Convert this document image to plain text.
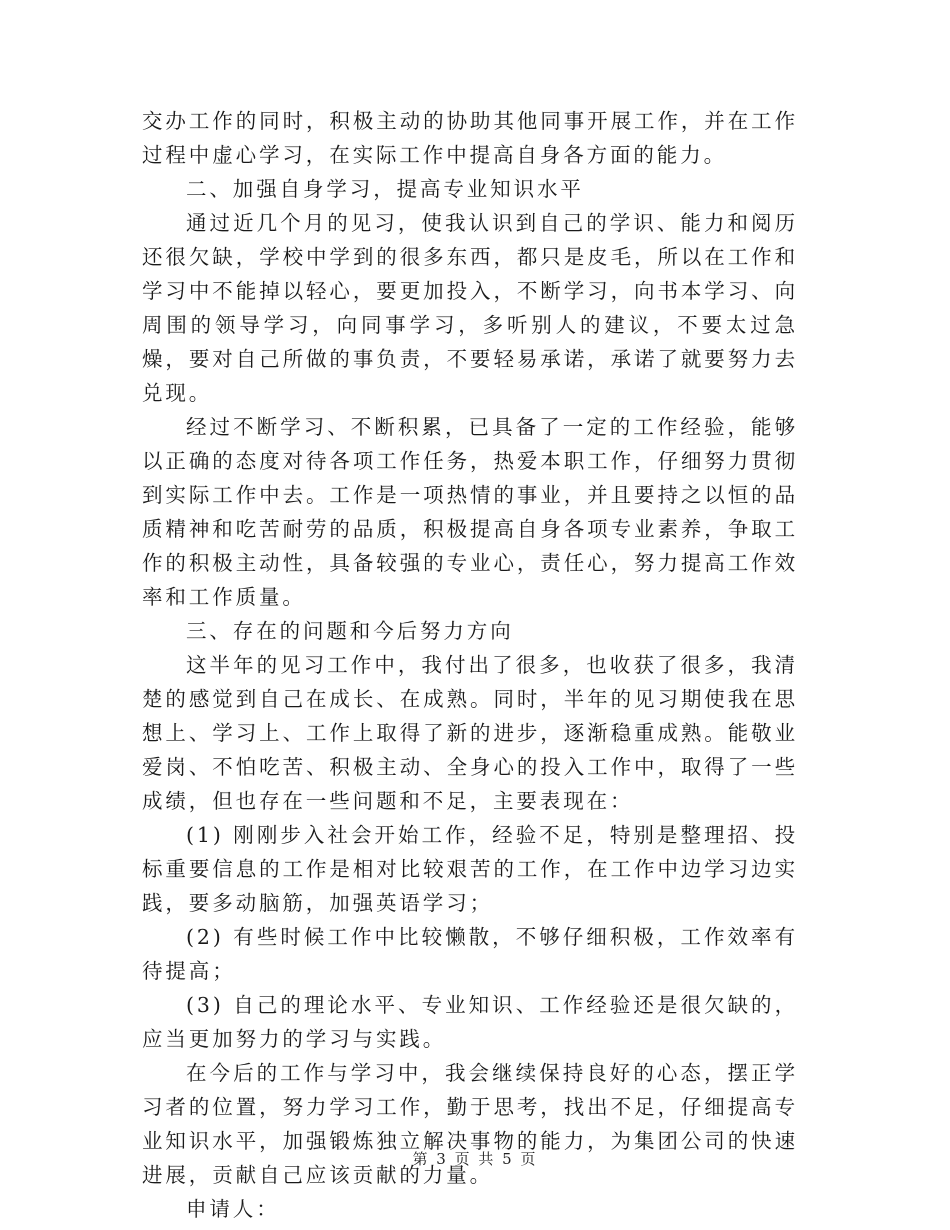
交办工作的同时，积极主动的协助其他同事开展工作，并在工作过程中虚心学习，在实际工作中提高自身各方面的能力。

二、加强自身学习，提高专业知识水平

通过近几个月的见习，使我认识到自己的学识、能力和阅历还很欠缺，学校中学到的很多东西，都只是皮毛，所以在工作和学习中不能掉以轻心，要更加投入，不断学习，向书本学习、向周围的领导学习，向同事学习，多听别人的建议，不要太过急燥，要对自己所做的事负责，不要轻易承诺，承诺了就要努力去兑现。

经过不断学习、不断积累，已具备了一定的工作经验，能够以正确的态度对待各项工作任务，热爱本职工作，仔细努力贯彻到实际工作中去。工作是一项热情的事业，并且要持之以恒的品质精神和吃苦耐劳的品质，积极提高自身各项专业素养，争取工作的积极主动性，具备较强的专业心，责任心，努力提高工作效率和工作质量。

三、存在的问题和今后努力方向

这半年的见习工作中，我付出了很多，也收获了很多，我清楚的感觉到自己在成长、在成熟。同时，半年的见习期使我在思想上、学习上、工作上取得了新的进步，逐渐稳重成熟。能敬业爱岗、不怕吃苦、积极主动、全身心的投入工作中，取得了一些成绩，但也存在一些问题和不足，主要表现在：

(1) 刚刚步入社会开始工作，经验不足，特别是整理招、投标重要信息的工作是相对比较艰苦的工作，在工作中边学习边实践，要多动脑筋，加强英语学习；

(2) 有些时候工作中比较懒散，不够仔细积极，工作效率有待提高；

(3) 自己的理论水平、专业知识、工作经验还是很欠缺的，应当更加努力的学习与实践。

在今后的工作与学习中，我会继续保持良好的心态，摆正学习者的位置，努力学习工作，勤于思考，找出不足，仔细提高专业知识水平，加强锻炼独立解决事物的能力，为集团公司的快速进展，贡献自己应该贡献的力量。

申请人：

第 3 页 共 5 页
